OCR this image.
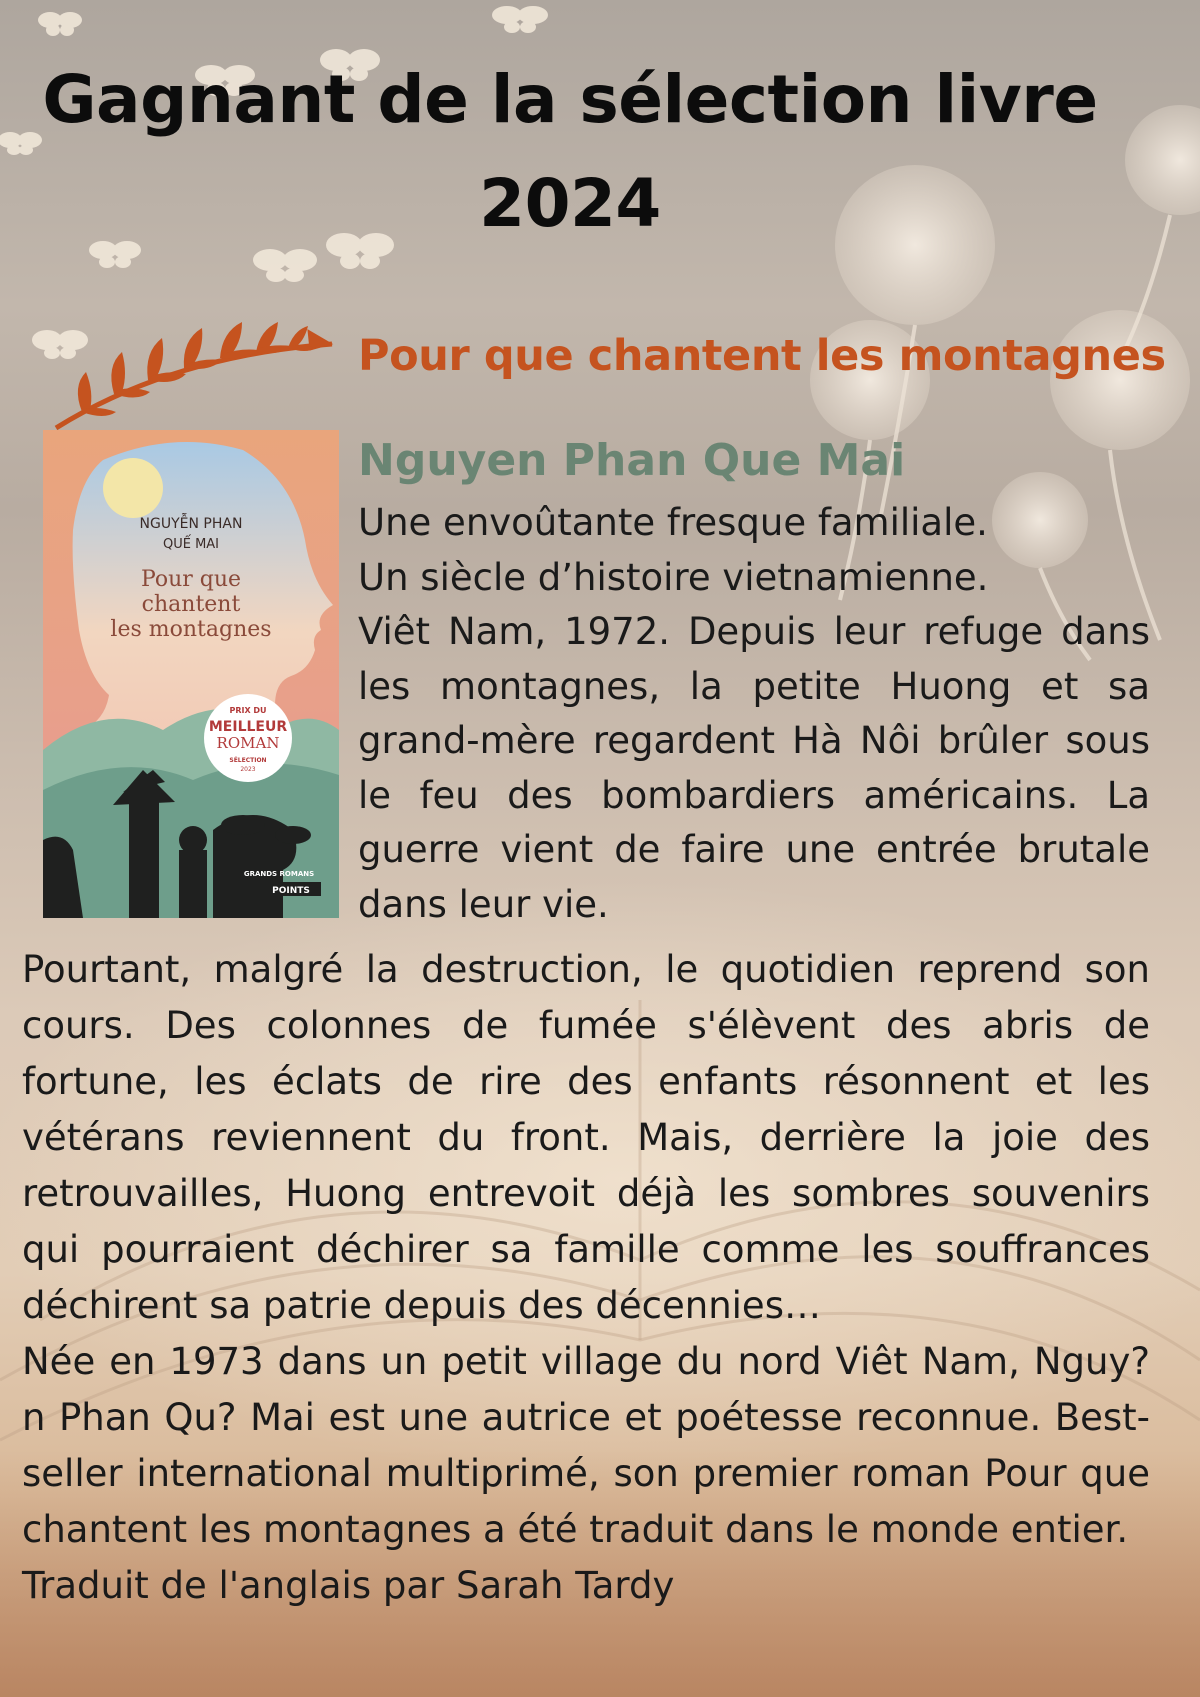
Gagnant de la sélection livre 2024
Pour que chantent les montagnes
NGUYỄN PHAN
QUẾ MAI
Pour que
chantent
les montagnes
PRIX DU
MEILLEUR
ROMAN
SÉLECTION
2023
GRANDS ROMANS
POINTS
Nguyen Phan Que Mai

Une envoûtante fresque familiale.

Un siècle d’histoire vietnamienne.

Viêt Nam, 1972. Depuis leur refuge dans les montagnes, la petite Huong et sa grand-mère regardent Hà Nôi brûler sous le feu des bombardiers américains. La guerre vient de faire une entrée brutale dans leur vie.

Pourtant, malgré la destruction, le quotidien reprend son cours. Des colonnes de fumée s'élèvent des abris de fortune, les éclats de rire des enfants résonnent et les vétérans reviennent du front. Mais, derrière la joie des retrouvailles, Huong entrevoit déjà les sombres souvenirs qui pourraient déchirer sa famille comme les souffrances déchirent sa patrie depuis des décennies…

Née en 1973 dans un petit village du nord Viêt Nam, Nguy? n Phan Qu? Mai est une autrice et poétesse reconnue. Best-seller international multiprimé, son premier roman Pour que chantent les montagnes a été traduit dans le monde entier.

Traduit de l'anglais par Sarah Tardy
